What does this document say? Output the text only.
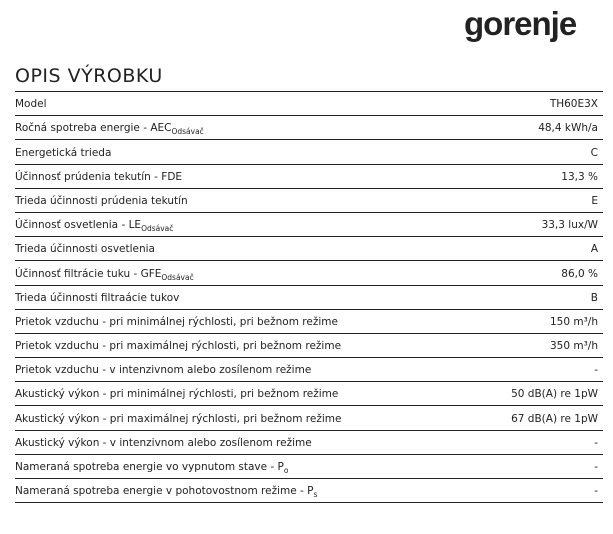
gorenje
OPIS VÝROBKU
Model	TH60E3X
Ročná spotreba energie - $AEC_{Odsávač}$	48,4 kWh/a
Energetická trieda	C
Účinnosť prúdenia tekutín - FDE	13,3 %
Trieda účinnosti prúdenia tekutín	E
Účinnosť osvetlenia - $LE_{Odsávač}$	33,3 lux/W
Trieda účinnosti osvetlenia	A
Účinnosť filtrácie tuku - $GFE_{Odsávač}$	86,0 %
Trieda účinnosti filtraácie tukov	B
Prietok vzduchu - pri minimálnej rýchlosti, pri bežnom režime	150 m³/h
Prietok vzduchu - pri maximálnej rýchlosti, pri bežnom režime	350 m³/h
Prietok vzduchu - v intenzivnom alebo zosílenom režime	-
Akustický výkon - pri minimálnej rýchlosti, pri bežnom režime	50 dB(A) re 1pW
Akustický výkon - pri maximálnej rýchlosti, pri bežnom režime	67 dB(A) re 1pW
Akustický výkon - v intenzivnom alebo zosílenom režime	-
Nameraná spotreba energie vo vypnutom stave - $P_o$	-
Nameraná spotreba energie v pohotovostnom režime - $P_s$	-
